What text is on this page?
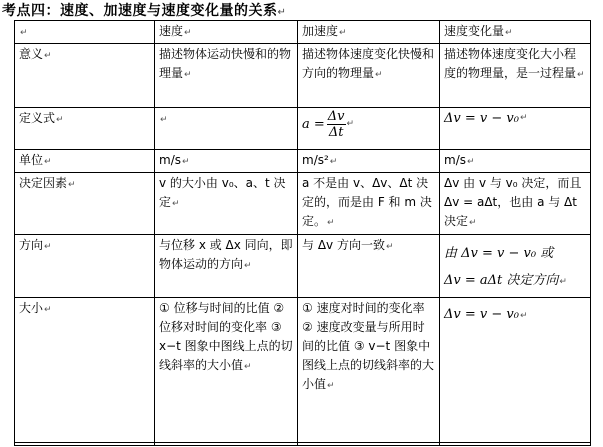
考点四：速度、加速度与速度变化量的关系↵
↵	速度↵	加速度↵	速度变化量↵
意义↵	描述物体运动快慢和的物理量↵	描述物体速度变化快慢和方向的物理量↵	描述物体速度变化大小程度的物理量，是一过程量↵
定义式↵	↵	$a = \frac{\Delta v}{\Delta t}$ ↵	Δv = v − v₀ ↵

单位↵	m/s↵	m/s²↵	m/s↵
决定因素↵	v 的大小由 v₀、a、t 决定↵	a 不是由 v、Δv、Δt 决定的，而是由 F 和 m 决定。↵	Δv 由 v 与 v₀ 决定，而且 Δv = aΔt，也由 a 与 Δt 决定↵
方向↵	与位移 x 或 Δx 同向，即物体运动的方向↵	与 Δv 方向一致↵	由 Δv = v − v₀ 或
Δv = aΔt 决定方向↵

大小↵	① 位移与时间的比值 ② 位移对时间的变化率 ③ x−t 图象中图线上点的切线斜率的大小值↵	① 速度对时间的变化率 ② 速度改变量与所用时间的比值 ③ v−t 图象中图线上点的切线斜率的大小值↵	Δv = v − v₀↵
